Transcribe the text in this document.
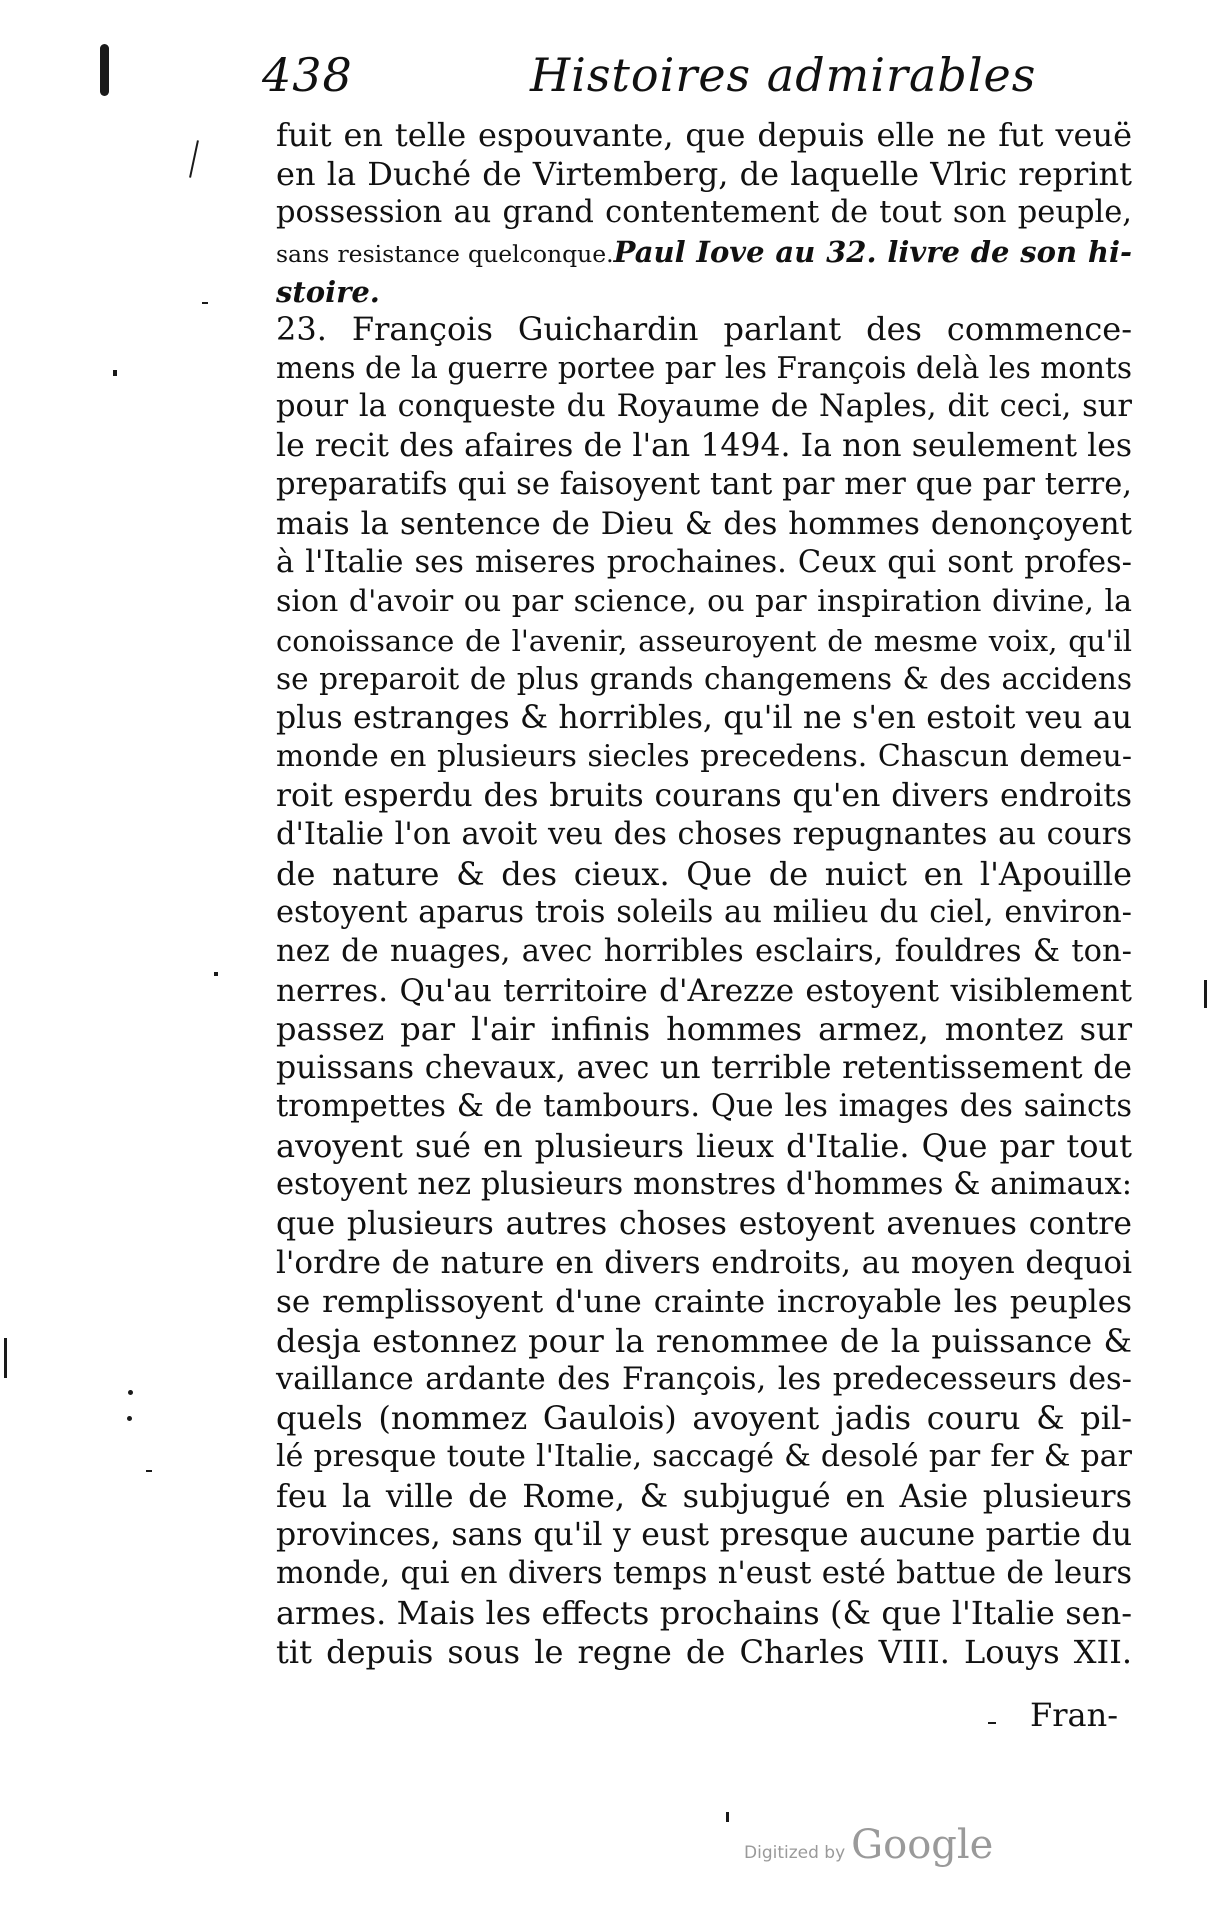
438	Histoires admirables
fuit en telle espouvante, que depuis elle ne fut veuë
en la Duché de Virtemberg, de laquelle Vlric reprint
possession au grand contentement de tout son peuple,
sans resistance quelconque.Paul Iove au 32. livre de son hi-
stoire.
23. François Guichardin parlant des commence-
mens de la guerre portee par les François delà les monts
pour la conqueste du Royaume de Naples, dit ceci, sur
le recit des afaires de l'an 1494. Ia non seulement les
preparatifs qui se faisoyent tant par mer que par terre,
mais la sentence de Dieu & des hommes denonçoyent
à l'Italie ses miseres prochaines. Ceux qui sont profes-
sion d'avoir ou par science, ou par inspiration divine, la
conoissance de l'avenir, asseuroyent de mesme voix, qu'il
se preparoit de plus grands changemens & des accidens
plus estranges & horribles, qu'il ne s'en estoit veu au
monde en plusieurs siecles precedens. Chascun demeu-
roit esperdu des bruits courans qu'en divers endroits
d'Italie l'on avoit veu des choses repugnantes au cours
de nature & des cieux. Que de nuict en l'Apouille
estoyent aparus trois soleils au milieu du ciel, environ-
nez de nuages, avec horribles esclairs, fouldres & ton-
nerres. Qu'au territoire d'Arezze estoyent visiblement
passez par l'air infinis hommes armez, montez sur
puissans chevaux, avec un terrible retentissement de
trompettes & de tambours. Que les images des saincts
avoyent sué en plusieurs lieux d'Italie. Que par tout
estoyent nez plusieurs monstres d'hommes & animaux:
que plusieurs autres choses estoyent avenues contre
l'ordre de nature en divers endroits, au moyen dequoi
se remplissoyent d'une crainte incroyable les peuples
desja estonnez pour la renommee de la puissance &
vaillance ardante des François, les predecesseurs des-
quels (nommez Gaulois) avoyent jadis couru & pil-
lé presque toute l'Italie, saccagé & desolé par fer & par
feu la ville de Rome, & subjugué en Asie plusieurs
provinces, sans qu'il y eust presque aucune partie du
monde, qui en divers temps n'eust esté battue de leurs
armes. Mais les effects prochains (& que l'Italie sen-
tit depuis sous le regne de Charles VIII. Louys XII.
Fran-
Digitized by Google
